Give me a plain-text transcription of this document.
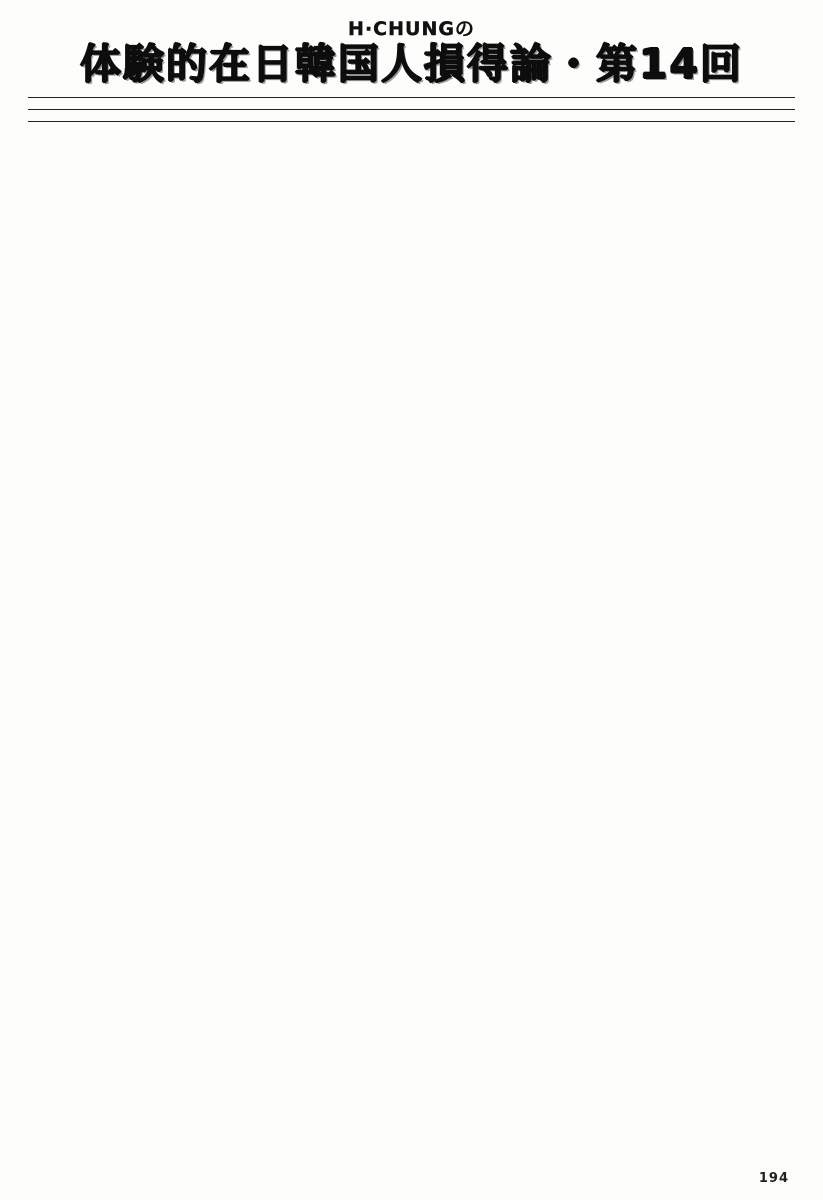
H·CHUNGの
体験的在日韓国人損得論・第14回
194
